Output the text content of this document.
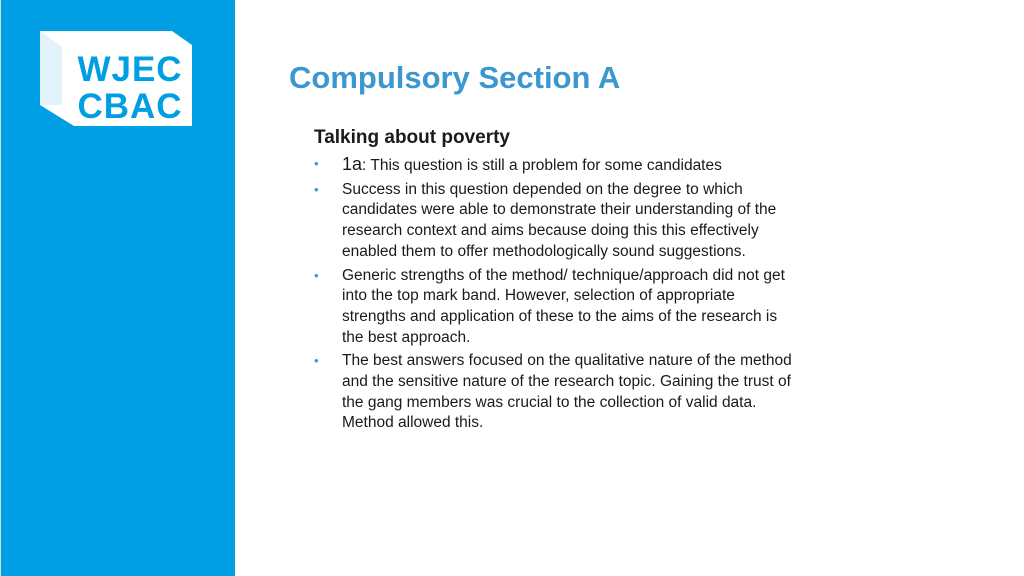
WJEC
CBAC
Compulsory Section A
Talking about poverty
• 1a: This question is still a problem for some candidates
• Success in this question depended on the degree to which candidates were able to demonstrate their understanding of the research context and aims because doing this this effectively enabled them to offer methodologically sound suggestions.
• Generic strengths of the method/ technique/approach did not get into the top mark band. However, selection of appropriate strengths and application of these to the aims of the research is the best approach.
• The best answers focused on the qualitative nature of the method and the sensitive nature of the research topic. Gaining the trust of the gang members was crucial to the collection of valid data. Method allowed this.
